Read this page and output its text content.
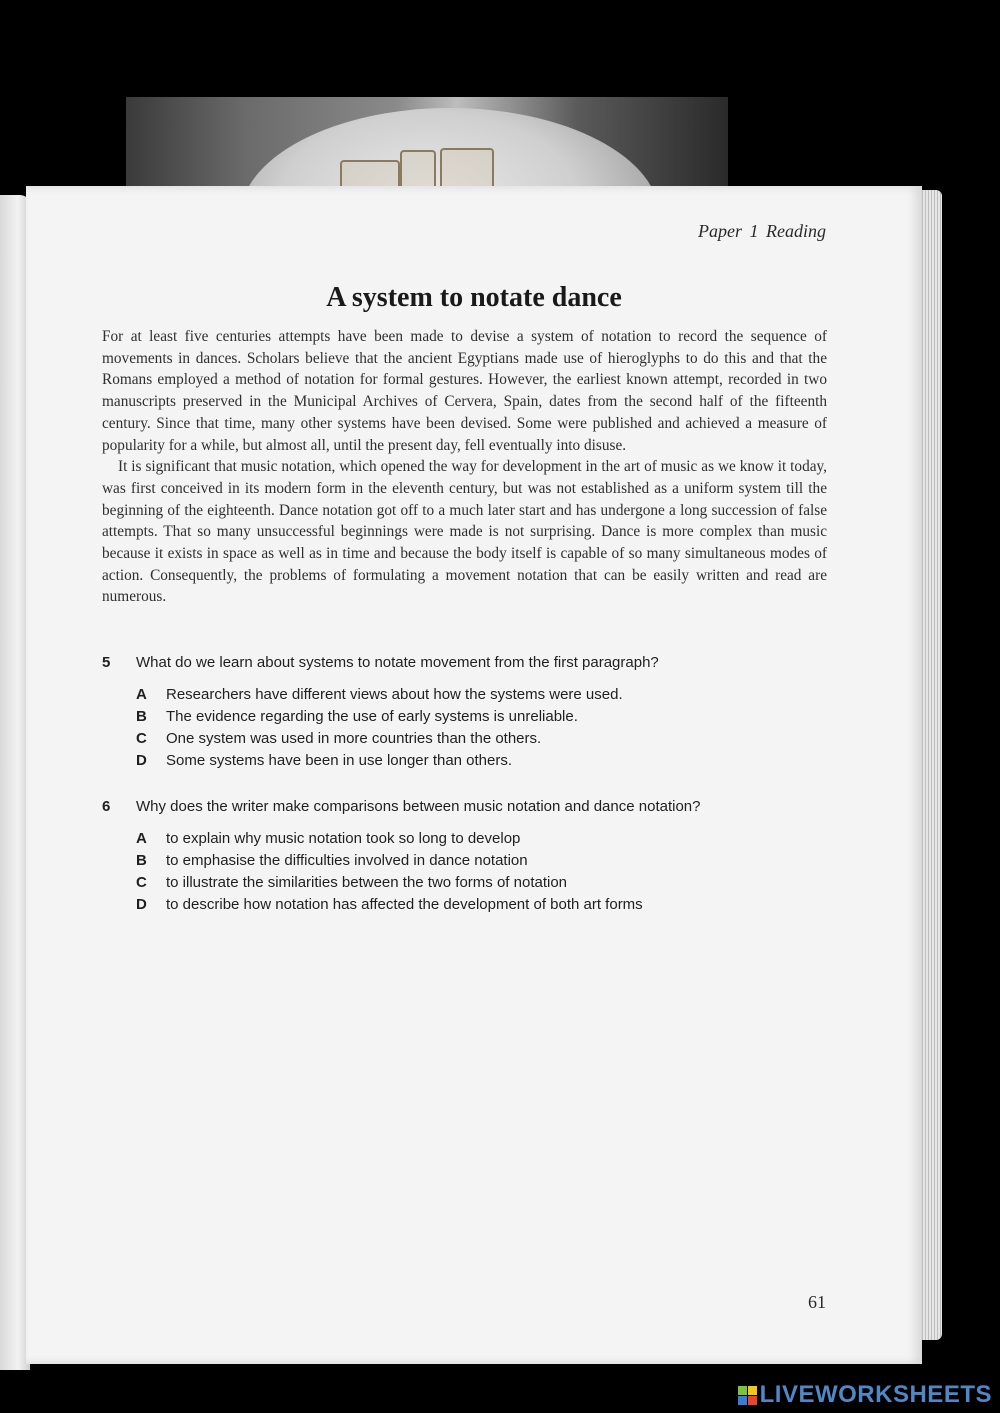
Paper 1 Reading
A system to notate dance

For at least five centuries attempts have been made to devise a system of notation to record the sequence of movements in dances. Scholars believe that the ancient Egyptians made use of hieroglyphs to do this and that the Romans employed a method of notation for formal gestures. However, the earliest known attempt, recorded in two manuscripts preserved in the Municipal Archives of Cervera, Spain, dates from the second half of the fifteenth century. Since that time, many other systems have been devised. Some were published and achieved a measure of popularity for a while, but almost all, until the present day, fell eventually into disuse.

It is significant that music notation, which opened the way for development in the art of music as we know it today, was first conceived in its modern form in the eleventh century, but was not established as a uniform system till the beginning of the eighteenth. Dance notation got off to a much later start and has undergone a long succession of false attempts. That so many unsuccessful beginnings were made is not surprising. Dance is more complex than music because it exists in space as well as in time and because the body itself is capable of so many simultaneous modes of action. Consequently, the problems of formulating a movement notation that can be easily written and read are numerous.

5	What do we learn about systems to notate movement from the first paragraph?
A	Researchers have different views about how the systems were used.
B	The evidence regarding the use of early systems is unreliable.
C	One system was used in more countries than the others.
D	Some systems have been in use longer than others.
6	Why does the writer make comparisons between music notation and dance notation?
A	to explain why music notation took so long to develop
B	to emphasise the difficulties involved in dance notation
C	to illustrate the similarities between the two forms of notation
D	to describe how notation has affected the development of both art forms
61
LIVEWORKSHEETS
